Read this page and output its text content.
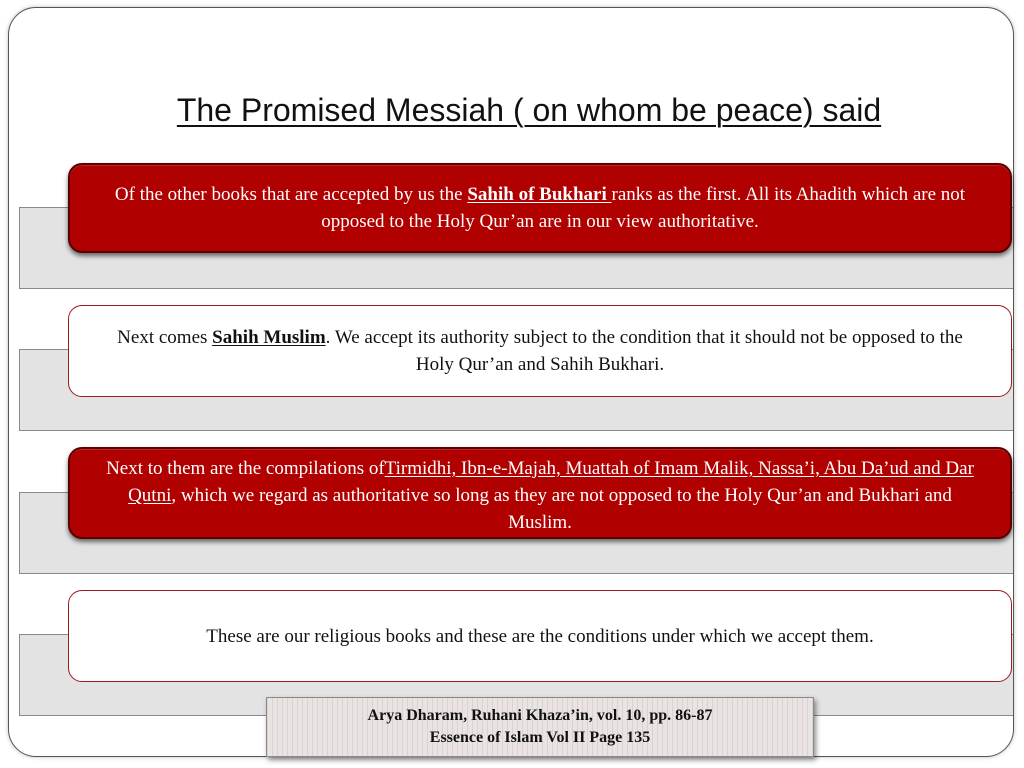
The Promised Messiah ( on whom be peace) said
Of the other books that are accepted by us the Sahih of Bukhari ranks as the first. All its Ahadith which are not opposed to the Holy Qur’an are in our view authoritative.
Next comes Sahih Muslim. We accept its authority subject to the condition that it should not be opposed to the Holy Qur’an and Sahih Bukhari.
Next to them are the compilations ofTirmidhi, Ibn-e-Majah, Muattah of Imam Malik, Nassa’i, Abu Da’ud and Dar Qutni, which we regard as authoritative so long as they are not opposed to the Holy Qur’an and Bukhari and Muslim.
These are our religious books and these are the conditions under which we accept them.
Arya Dharam, Ruhani Khaza’in, vol. 10, pp. 86-87
Essence of Islam Vol II Page 135
